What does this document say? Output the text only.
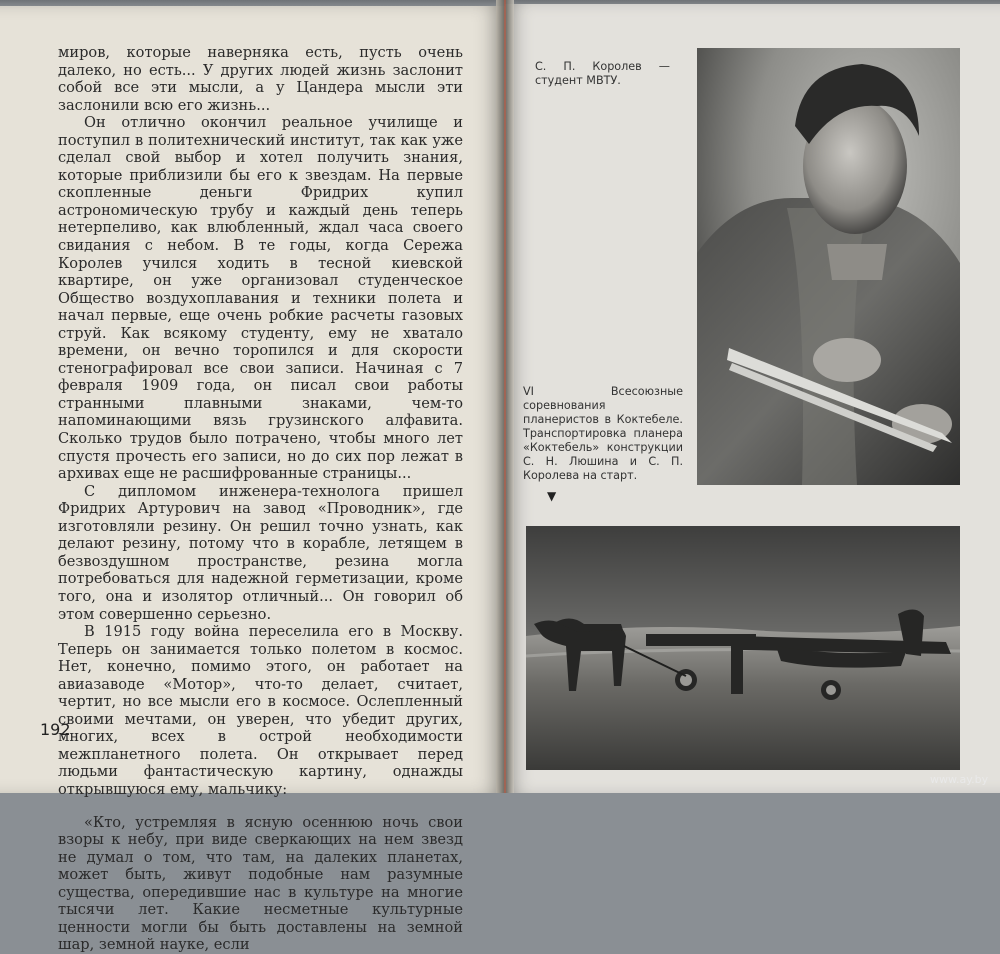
миров, которые наверняка есть, пусть очень далеко, но есть... У других людей жизнь заслонит собой все эти мысли, а у Цандера мысли эти заслонили всю его жизнь...

Он отлично окончил реальное училище и поступил в политехнический институт, так как уже сделал свой выбор и хотел получить знания, которые приблизили бы его к звездам. На первые скопленные деньги Фридрих купил астрономическую трубу и каждый день теперь нетерпеливо, как влюбленный, ждал часа своего свидания с небом. В те годы, когда Сережа Королев учился ходить в тесной киевской квартире, он уже организовал студенческое Общество воздухоплавания и техники полета и начал первые, еще очень робкие расчеты газовых струй. Как всякому студенту, ему не хватало времени, он вечно торопился и для скорости стенографировал все свои записи. Начиная с 7 февраля 1909 года, он писал свои работы странными плавными знаками, чем-то напоминающими вязь грузинского алфавита. Сколько трудов было потрачено, чтобы много лет спустя прочесть его записи, но до сих пор лежат в архивах еще не расшифрованные страницы...

С дипломом инженера-технолога пришел Фридрих Артурович на завод «Проводник», где изготовляли резину. Он решил точно узнать, как делают резину, потому что в корабле, летящем в безвоздушном пространстве, резина могла потребоваться для надежной герметизации, кроме того, она и изолятор отличный... Он говорил об этом совершенно серьезно.

В 1915 году война переселила его в Москву. Теперь он занимается только полетом в космос. Нет, конечно, помимо этого, он работает на авиазаводе «Мотор», что-то делает, считает, чертит, но все мысли его в космосе. Ослепленный своими мечтами, он уверен, что убедит других, многих, всех в острой необходимости межпланетного полета. Он открывает перед людьми фантастическую картину, однажды открывшуюся ему, мальчику:

«Кто, устремляя в ясную осеннюю ночь свои взоры к небу, при виде сверкающих на нем звезд не думал о том, что там, на далеких планетах, может быть, живут подобные нам разумные существа, опередившие нас в культуре на многие тысячи лет. Какие несметные культурные ценности могли бы быть доставлены на земной шар, земной науке, если

192
С. П. Королев — студент МВТУ.
VI Всесоюзные соревнования планеристов в Коктебеле. Транспортировка планера «Коктебель» конструкции С. Н. Люшина и С. П. Королева на старт.
▼
www.ay.by
